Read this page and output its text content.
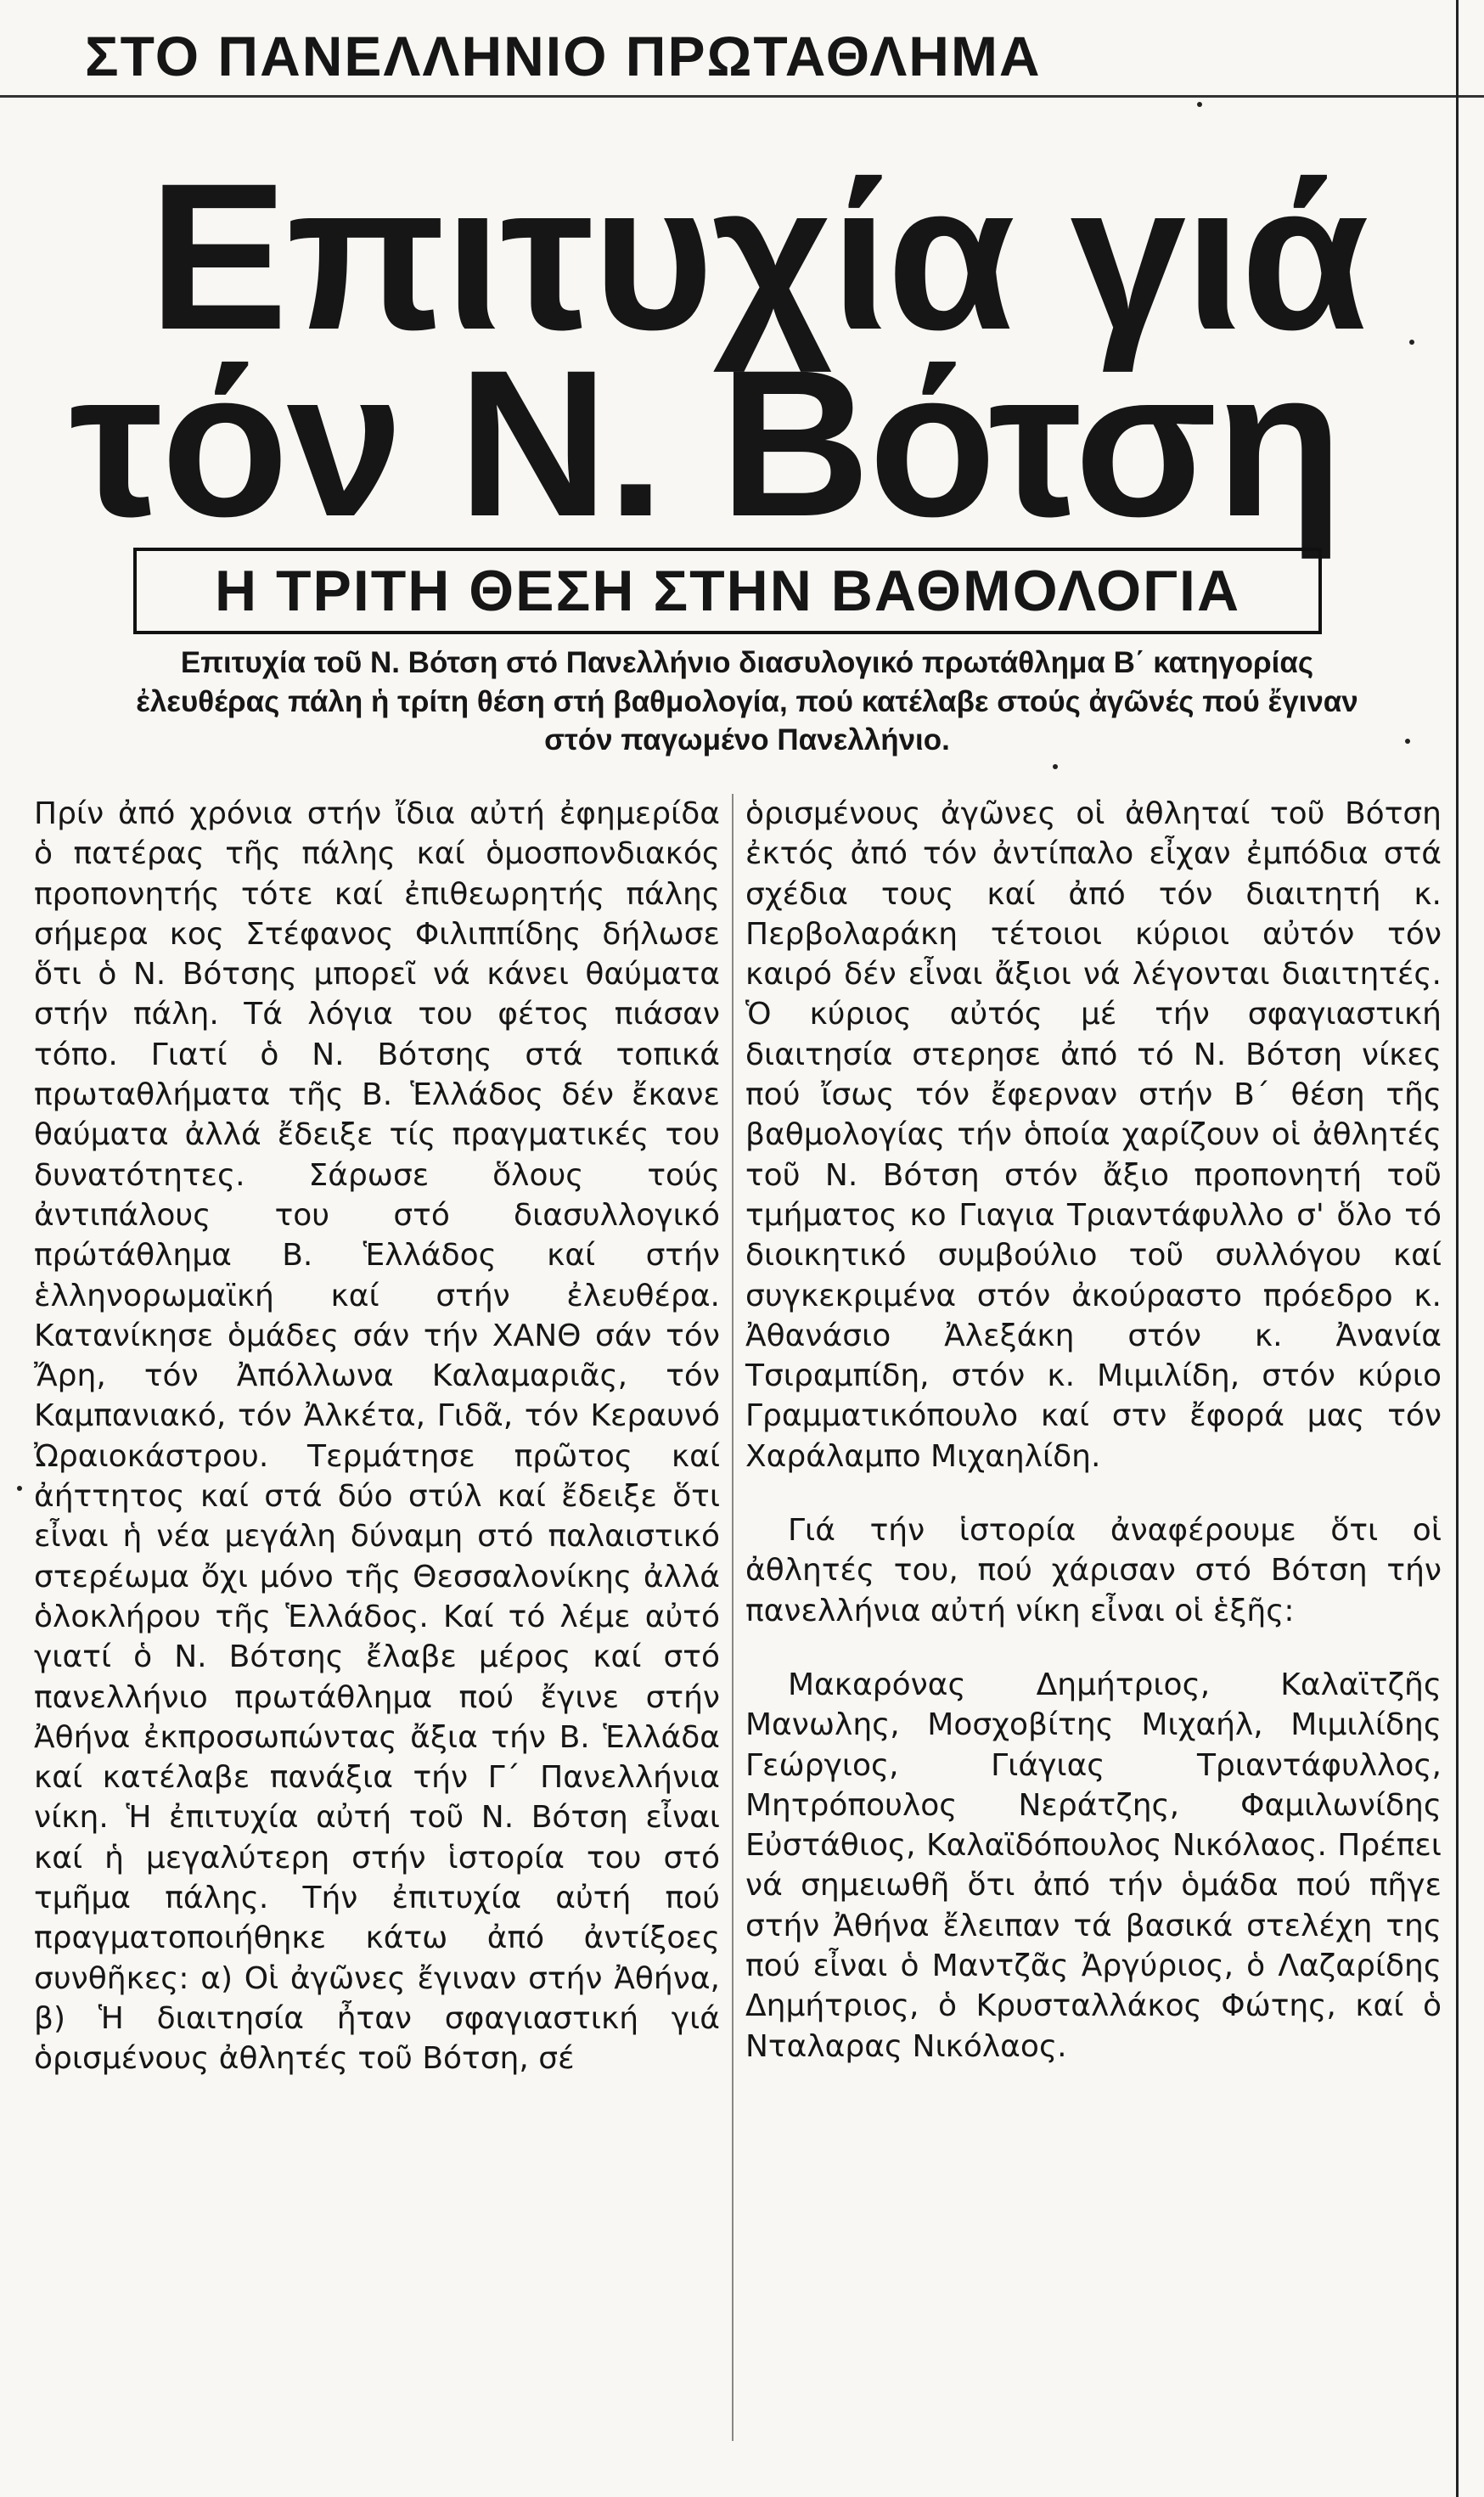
ΣΤΟ ΠΑΝΕΛΛΗΝΙΟ ΠΡΩΤΑΘΛΗΜΑ
Επιτυχία γιά
τόν Ν. Βότση
Η ΤΡΙΤΗ ΘΕΣΗ ΣΤΗΝ ΒΑΘΜΟΛΟΓΙΑ
Επιτυχία τοῦ Ν. Βότση στό Πανελλήνιο διασυλογικό πρωτάθλημα Β΄ κατηγορίας ἐλευθέρας πάλη ἡ τρίτη θέση στή βαθμολογία, πού κατέλαβε στούς ἀγῶνές πού ἔγιναν στόν παγωμένο Πανελλήνιο.

Πρίν ἀπό χρόνια στήν ἴδια αὐτή ἐφημερίδα ὁ πατέρας τῆς πάλης καί ὁμοσπονδιακός προπονητής τότε καί ἐπιθεωρητής πάλης σήμερα κος Στέφανος Φιλιππίδης δήλωσε ὅτι ὁ Ν. Βότσης μπορεῖ νά κάνει θαύματα στήν πάλη. Τά λόγια του φέτος πιάσαν τόπο. Γιατί ὁ Ν. Βότσης στά τοπικά πρωταθλήματα τῆς Β. Ἑλλάδος δέν ἔκανε θαύματα ἀλλά ἔδειξε τίς πραγματικές του δυνατότητες. Σάρωσε ὅλους τούς ἀντιπάλους του στό διασυλλογικό πρώτάθλημα Β. Ἑλλάδος καί στήν ἑλληνορωμαϊκή καί στήν ἐλευθέρα. Κατανίκησε ὁμάδες σάν τήν ΧΑΝΘ σάν τόν Ἄρη, τόν Ἀπόλλωνα Καλαμαριᾶς, τόν Καμπανιακό, τόν Ἀλκέτα, Γιδᾶ, τόν Κεραυνό Ὠραιοκάστρου. Τερμάτησε πρῶτος καί ἀήττητος καί στά δύο στύλ καί ἔδειξε ὅτι εἶναι ἡ νέα μεγάλη δύναμη στό παλαιστικό στερέωμα ὄχι μόνο τῆς Θεσσαλονίκης ἀλλά ὁλοκλήρου τῆς Ἑλλάδος. Καί τό λέμε αὐτό γιατί ὁ Ν. Βότσης ἔλαβε μέρος καί στό πανελλήνιο πρωτάθλημα πού ἔγινε στήν Ἀθήνα ἐκπροσωπώντας ἄξια τήν Β. Ἑλλάδα καί κατέλαβε πανάξια τήν Γ΄ Πανελλήνια νίκη. Ἡ ἐπιτυχία αὐτή τοῦ Ν. Βότση εἶναι καί ἡ μεγαλύτερη στήν ἱστορία του στό τμῆμα πάλης. Τήν ἐπιτυχία αὐτή πού πραγματοποιήθηκε κάτω ἀπό ἀντίξοες συνθῆκες: α) Οἱ ἀγῶνες ἔγιναν στήν Ἀθήνα, β) Ἡ διαιτησία ἦταν σφαγιαστική γιά ὁρισμένους ἀθλητές τοῦ Βότση, σέ

ὁρισμένους ἀγῶνες οἱ ἀθληταί τοῦ Βότση ἐκτός ἀπό τόν ἀντίπαλο εἶχαν ἐμπόδια στά σχέδια τους καί ἀπό τόν διαιτητή κ. Περβολαράκη τέτοιοι κύριοι αὐτόν τόν καιρό δέν εἶναι ἄξιοι νά λέγονται διαιτητές. Ὁ κύριος αὐτός μέ τήν σφαγιαστική διαιτησία στερησε ἀπό τό Ν. Βότση νίκες πού ἴσως τόν ἔφερναν στήν Β΄ θέση τῆς βαθμολογίας τήν ὁποία χαρίζουν οἱ ἀθλητές τοῦ Ν. Βότση στόν ἄξιο προπονητή τοῦ τμήματος κο Γιαγια Τριαντάφυλλο σ' ὅλο τό διοικητικό συμβούλιο τοῦ συλλόγου καί συγκεκριμένα στόν ἀκούραστο πρόεδρο κ. Ἀθανάσιο Ἀλεξάκη στόν κ. Ἀνανία Τσιραμπίδη, στόν κ. Μιμιλίδη, στόν κύριο Γραμματικόπουλο καί στν ἔφορά μας τόν Χαράλαμπο Μιχαηλίδη.

Γιά τήν ἱστορία ἀναφέρουμε ὅτι οἱ ἀθλητές του, πού χάρισαν στό Βότση τήν πανελλήνια αὐτή νίκη εἶναι οἱ ἑξῆς:

Μακαρόνας Δημήτριος, Καλαϊτζῆς Μανωλης, Μοσχοβίτης Μιχαήλ, Μιμιλίδης Γεώργιος, Γιάγιας Τριαντάφυλλος, Μητρόπουλος Νεράτζης, Φαμιλωνίδης Εὐστάθιος, Καλαϊδόπουλος Νικόλαος. Πρέπει νά σημειωθῆ ὅτι ἀπό τήν ὁμάδα πού πῆγε στήν Ἀθήνα ἔλειπαν τά βασικά στελέχη της πού εἶναι ὁ Μαντζᾶς Ἀργύριος, ὁ Λαζαρίδης Δημήτριος, ὁ Κρυσταλλάκος Φώτης, καί ὁ Νταλαρας Νικόλαος.
